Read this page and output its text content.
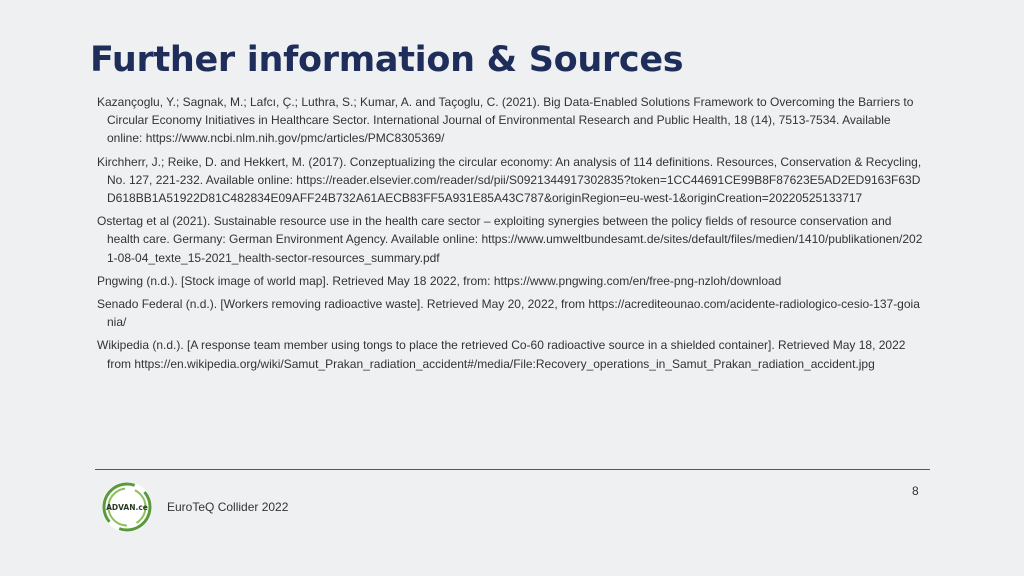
Further information & Sources

Kazançoglu, Y.; Sagnak, M.; Lafcı, Ç.; Luthra, S.; Kumar, A. and Taçoglu, C. (2021). Big Data-Enabled Solutions Framework to Overcoming the Barriers to Circular Economy Initiatives in Healthcare Sector. International Journal of Environmental Research and Public Health, 18 (14), 7513-7534. Available online: https://www.ncbi.nlm.nih.gov/pmc/articles/PMC8305369/

Kirchherr, J.; Reike, D. and Hekkert, M. (2017). Conzeptualizing the circular economy: An analysis of 114 definitions. Resources, Conservation & Recycling, No. 127, 221-232. Available online: https://reader.elsevier.com/reader/sd/pii/S0921344917302835?token=1CC44691CE99B8F87623E5AD2ED9163F63DD618BB1A51922D81C482834E09AFF24B732A61AECB83FF5A931E85A43C787&originRegion=eu-west-1&originCreation=20220525133717

Ostertag et al (2021). Sustainable resource use in the health care sector – exploiting synergies between the policy fields of resource conservation and health care. Germany: German Environment Agency. Available online: https://www.umweltbundesamt.de/sites/default/files/medien/1410/publikationen/2021-08-04_texte_15-2021_health-sector-resources_summary.pdf

Pngwing (n.d.). [Stock image of world map]. Retrieved May 18 2022, from: https://www.pngwing.com/en/free-png-nzloh/download

Senado Federal (n.d.). [Workers removing radioactive waste]. Retrieved May 20, 2022, from https://acrediteounao.com/acidente-radiologico-cesio-137-goiania/

Wikipedia (n.d.). [A response team member using tongs to place the retrieved Co-60 radioactive source in a shielded container]. Retrieved May 18, 2022 from https://en.wikipedia.org/wiki/Samut_Prakan_radiation_accident#/media/File:Recovery_operations_in_Samut_Prakan_radiation_accident.jpg

ADVAN.ce EuroTeQ Collider 2022
8
